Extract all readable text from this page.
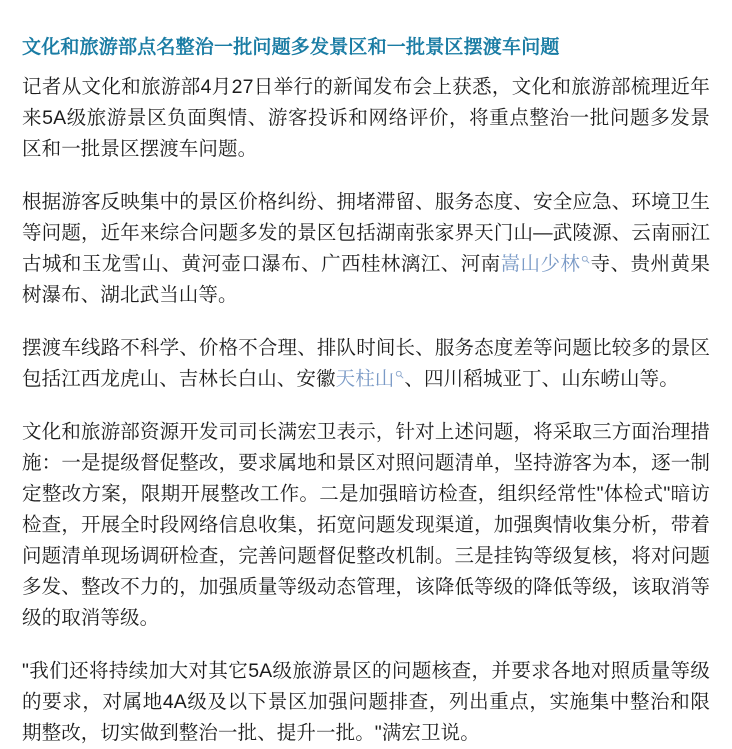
文化和旅游部点名整治一批问题多发景区和一批景区摆渡车问题

记者从文化和旅游部4月27日举行的新闻发布会上获悉，文化和旅游部梳理近年来5A级旅游景区负面舆情、游客投诉和网络评价，将重点整治一批问题多发景区和一批景区摆渡车问题。

根据游客反映集中的景区价格纠纷、拥堵滞留、服务态度、安全应急、环境卫生等问题，近年来综合问题多发的景区包括湖南张家界天门山—武陵源、云南丽江古城和玉龙雪山、黄河壶口瀑布、广西桂林漓江、河南嵩山少林 寺、贵州黄果树瀑布、湖北武当山等。

摆渡车线路不科学、价格不合理、排队时间长、服务态度差等问题比较多的景区包括江西龙虎山、吉林长白山、安徽天柱山 、四川稻城亚丁、山东崂山等。

文化和旅游部资源开发司司长满宏卫表示，针对上述问题，将采取三方面治理措施：一是提级督促整改，要求属地和景区对照问题清单，坚持游客为本，逐一制定整改方案，限期开展整改工作。二是加强暗访检查，组织经常性"体检式"暗访检查，开展全时段网络信息收集，拓宽问题发现渠道，加强舆情收集分析，带着问题清单现场调研检查，完善问题督促整改机制。三是挂钩等级复核，将对问题多发、整改不力的，加强质量等级动态管理，该降低等级的降低等级，该取消等级的取消等级。

"我们还将持续加大对其它5A级旅游景区的问题核查，并要求各地对照质量等级的要求，对属地4A级及以下景区加强问题排查，列出重点，实施集中整治和限期整改，切实做到整治一批、提升一批。"满宏卫说。
